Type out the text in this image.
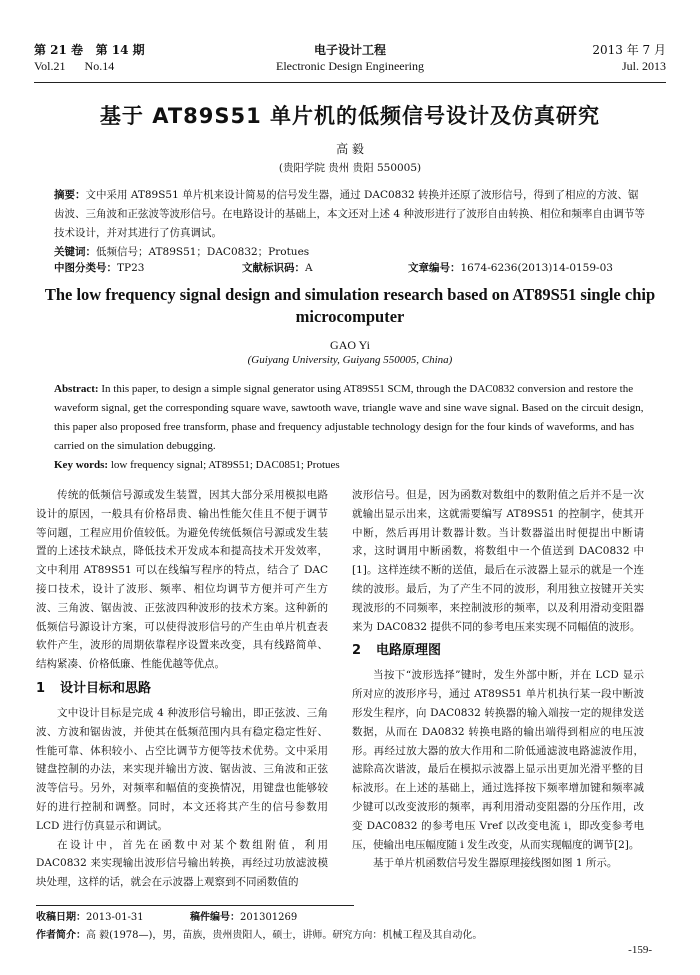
第 21 卷 第 14 期
Vol.21 No.14
电子设计工程
Electronic Design Engineering
2013 年 7 月
Jul. 2013
基于 AT89S51 单片机的低频信号设计及仿真研究
高 毅
(贵阳学院 贵州 贵阳 550005)
摘要：文中采用 AT89S51 单片机来设计简易的信号发生器，通过 DAC0832 转换并还原了波形信号，得到了相应的方波、锯齿波、三角波和正弦波等波形信号。在电路设计的基础上，本文还对上述 4 种波形进行了波形自由转换、相位和频率自由调节等技术设计，并对其进行了仿真调试。
关键词：低频信号；AT89S51；DAC0832；Protues
中图分类号：TP23	文献标识码：A	文章编号：1674-6236(2013)14-0159-03
The low frequency signal design and simulation research based on AT89S51 single chip microcomputer
GAO Yi
(Guiyang University, Guiyang 550005, China)
Abstract: In this paper, to design a simple signal generator using AT89S51 SCM, through the DAC0832 conversion and restore the waveform signal, get the corresponding square wave, sawtooth wave, triangle wave and sine wave signal. Based on the circuit design, this paper also proposed free transform, phase and frequency adjustable technology design for the four kinds of waveforms, and has carried on the simulation debugging.
Key words: low frequency signal; AT89S51; DAC0851; Protues

传统的低频信号源或发生装置，因其大部分采用模拟电路设计的原因，一般具有价格昂贵、输出性能欠佳且不便于调节等问题，工程应用价值较低。为避免传统低频信号源或发生装置的上述技术缺点，降低技术开发成本和提高技术开发效率，文中利用 AT89S51 可以在线编写程序的特点，结合了 DAC 接口技术，设计了波形、频率、相位均调节方便并可产生方波、三角波、锯齿波、正弦波四种波形的技术方案。这种新的低频信号源设计方案，可以使得波形信号的产生由单片机查表软件产生，波形的周期依靠程序设置来改变，具有线路简单、结构紧凑、价格低廉、性能优越等优点。

1 设计目标和思路

文中设计目标是完成 4 种波形信号输出，即正弦波、三角波、方波和锯齿波，并使其在低频范围内具有稳定稳定性好、性能可靠、体积较小、占空比调节方便等技术优势。文中采用键盘控制的办法，来实现并输出方波、锯齿波、三角波和正弦波等信号。另外，对频率和幅值的变换情况，用键盘也能够较好的进行控制和调整。同时，本文还将其产生的信号参数用 LCD 进行仿真显示和调试。

在设计中，首先在函数中对某个数组附值，利用 DAC0832 来实现输出波形信号输出转换，再经过功放滤波模块处理，这样的话，就会在示波器上观察到不同函数值的

波形信号。但是，因为函数对数组中的数附值之后并不是一次就输出显示出来，这就需要编写 AT89S51 的控制字，使其开中断，然后再用计数器计数。当计数器溢出时便提出中断请求，这时调用中断函数，将数组中一个值送到 DAC0832 中[1]。这样连续不断的送值，最后在示波器上显示的就是一个连续的波形。最后，为了产生不同的波形，利用独立按键开关实现波形的不同频率，来控制波形的频率，以及利用滑动变阻器来为 DAC0832 提供不同的参考电压来实现不同幅值的波形。

2 电路原理图

当按下“波形选择”键时，发生外部中断，并在 LCD 显示所对应的波形序号，通过 AT89S51 单片机执行某一段中断波形发生程序，向 DAC0832 转换器的输入端按一定的规律发送数据，从而在 DA0832 转换电路的输出端得到相应的电压波形。再经过放大器的放大作用和二阶低通滤波电路滤波作用，滤除高次谐波，最后在模拟示波器上显示出更加光滑平整的目标波形。在上述的基础上，通过选择按下频率增加键和频率减少键可以改变波形的频率，再利用滑动变阻器的分压作用，改变 DAC0832 的参考电压 Vref 以改变电流 i，即改变参考电压，使输出电压幅度随 i 发生改变，从而实现幅度的调节[2]。

基于单片机函数信号发生器原理接线图如图 1 所示。

收稿日期：2013-01-31	稿件编号：201301269
作者简介：高 毅(1978—)，男，苗族，贵州贵阳人，硕士，讲师。研究方向：机械工程及其自动化。
-159-
